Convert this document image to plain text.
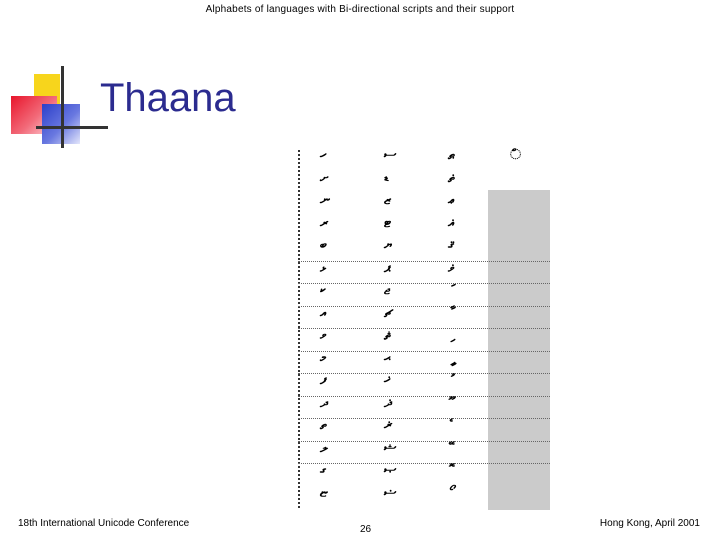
Alphabets of languages with Bi-directional scripts and their support
Thaana
ހ
ށ
ނ
ރ
ބ
ޅ
ކ
އ
ވ
މ
ފ
ދ
ތ
ލ
ގ
ޏ
ސ
ޑ
ޒ
ޓ
ޔ
ޕ
ޖ
ޗ
ޘ
ޙ
ޚ
ޛ
ޜ
ޝ
ޞ
ޟ
ޠ
ޡ
ޢ
ޣ
ޤ
ޥ
◌ް
18th International Unicode Conference
26
Hong Kong, April 2001
